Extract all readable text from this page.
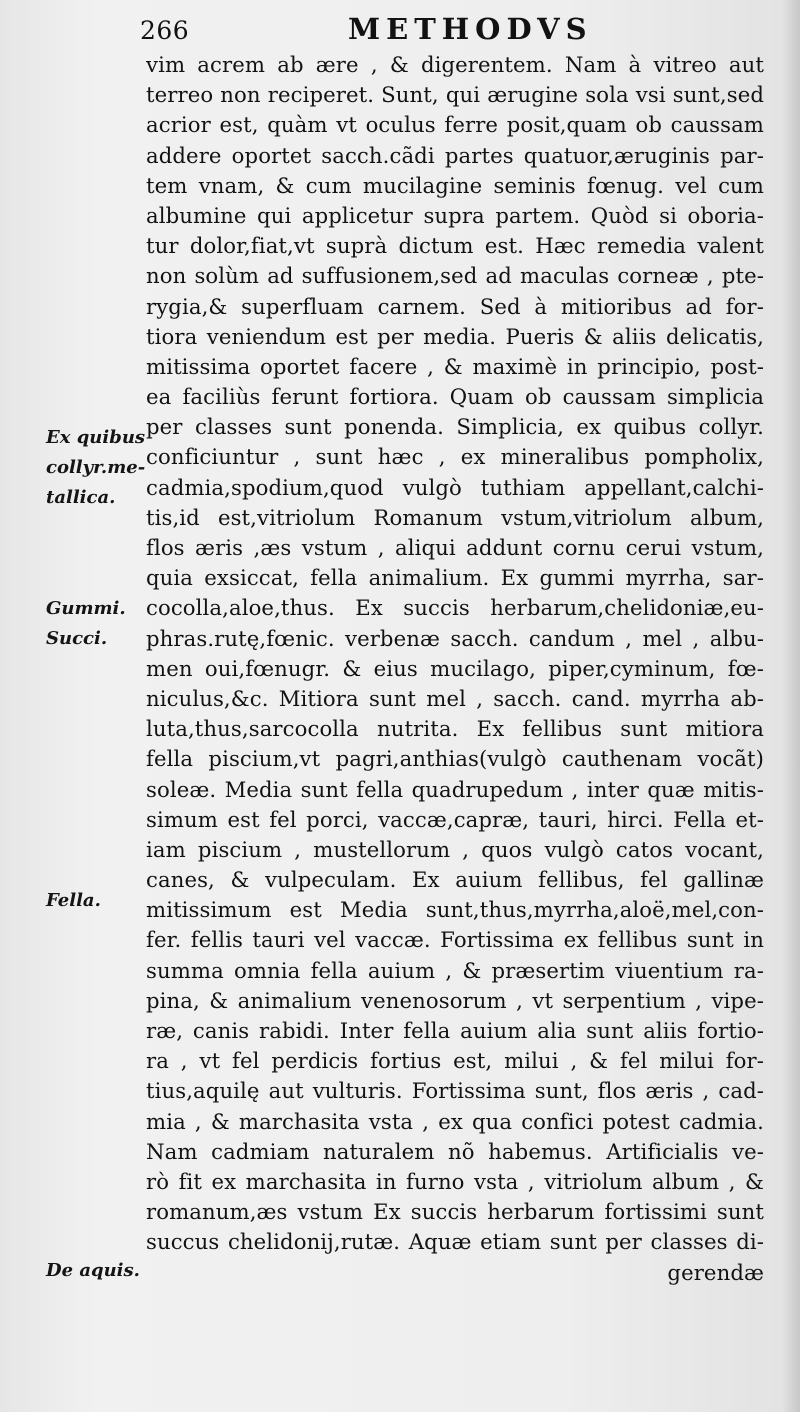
266	METHODVS
vim acrem ab ære , & digerentem. Nam à vitreo aut
terreo non reciperet. Sunt, qui ærugine sola vsi sunt,sed
acrior est, quàm vt oculus ferre posit,quam ob caussam
addere oportet sacch.cãdi partes quatuor,æruginis par-
tem vnam, & cum mucilagine seminis fœnug. vel cum
albumine qui applicetur supra partem. Quòd si oboria-
tur dolor,fiat,vt suprà dictum est. Hæc remedia valent
non solùm ad suffusionem,sed ad maculas corneæ , pte-
rygia,& superfluam carnem. Sed à mitioribus ad for-
tiora veniendum est per media. Pueris & aliis delicatis,
mitissima oportet facere , & maximè in principio, post-
ea faciliùs ferunt fortiora. Quam ob caussam simplicia
per classes sunt ponenda. Simplicia, ex quibus collyr.
conficiuntur , sunt hæc , ex mineralibus pompholix,
cadmia,spodium,quod vulgò tuthiam appellant,calchi-
tis,id est,vitriolum Romanum vstum,vitriolum album,
flos æris ,æs vstum , aliqui addunt cornu cerui vstum,
quia exsiccat, fella animalium. Ex gummi myrrha, sar-
cocolla,aloe,thus. Ex succis herbarum,chelidoniæ,eu-
phras.rutę,fœnic. verbenæ sacch. candum , mel , albu-
men oui,fœnugr. & eius mucilago, piper,cyminum, fœ-
niculus,&c. Mitiora sunt mel , sacch. cand. myrrha ab-
luta,thus,sarcocolla nutrita. Ex fellibus sunt mitiora
fella piscium,vt pagri,anthias(vulgò cauthenam vocãt)
soleæ. Media sunt fella quadrupedum , inter quæ mitis-
simum est fel porci, vaccæ,capræ, tauri, hirci. Fella et-
iam piscium , mustellorum , quos vulgò catos vocant,
canes, & vulpeculam. Ex auium fellibus, fel gallinæ
mitissimum est Media sunt,thus,myrrha,aloë,mel,con-
fer. fellis tauri vel vaccæ. Fortissima ex fellibus sunt in
summa omnia fella auium , & præsertim viuentium ra-
pina, & animalium venenosorum , vt serpentium , vipe-
ræ, canis rabidi. Inter fella auium alia sunt aliis fortio-
ra , vt fel perdicis fortius est, milui , & fel milui for-
tius,aquilę aut vulturis. Fortissima sunt, flos æris , cad-
mia , & marchasita vsta , ex qua confici potest cadmia.
Nam cadmiam naturalem nõ habemus. Artificialis ve-
rò fit ex marchasita in furno vsta , vitriolum album , &
romanum,æs vstum Ex succis herbarum fortissimi sunt
succus chelidonij,rutæ. Aquæ etiam sunt per classes di-
gerendæ
Ex quibus
collyr.me-
tallica.
Gummi.
Succi.
Fella.
De aquis.
